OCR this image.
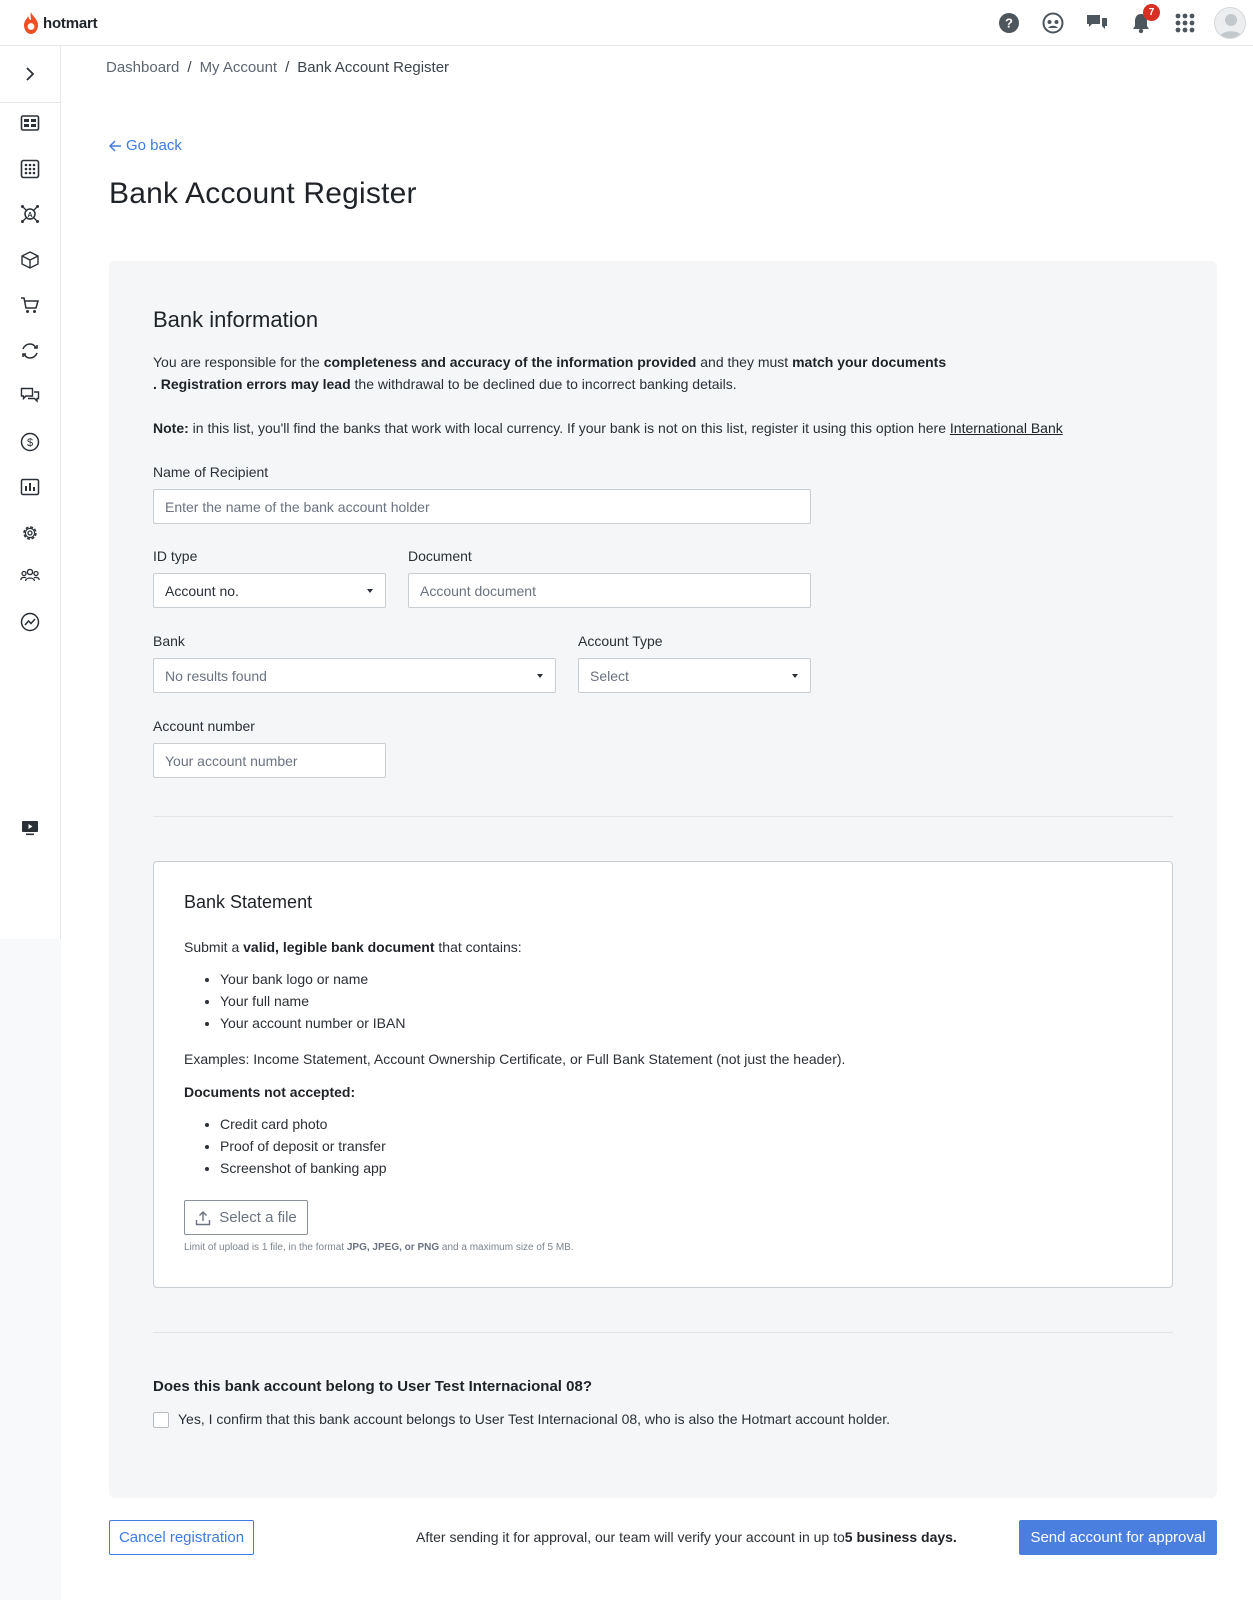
hotmart	?
7
A
$
Dashboard / My Account / Bank Account Register
Go back
Bank Account Register
Bank information

You are responsible for the completeness and accuracy of the information provided and they must match your documents
. Registration errors may lead the withdrawal to be declined due to incorrect banking details.

Note: in this list, you'll find the banks that work with local currency. If your bank is not on this list, register it using this option here International Bank

Name of Recipient
Enter the name of the bank account holder
ID type
Account no.
Document
Account document
Bank
No results found
Account Type
Select
Account number
Your account number
Bank Statement

Submit a valid, legible bank document that contains:

• Your bank logo or name
• Your full name
• Your account number or IBAN

Examples: Income Statement, Account Ownership Certificate, or Full Bank Statement (not just the header).

Documents not accepted:

• Credit card photo
• Proof of deposit or transfer
• Screenshot of banking app
Select a file
Limit of upload is 1 file, in the format JPG, JPEG, or PNG and a maximum size of 5 MB.
Does this bank account belong to User Test Internacional 08?
Yes, I confirm that this bank account belongs to User Test Internacional 08, who is also the Hotmart account holder.
Cancel registration	After sending it for approval, our team will verify your account in up to5 business days.	Send account for approval
